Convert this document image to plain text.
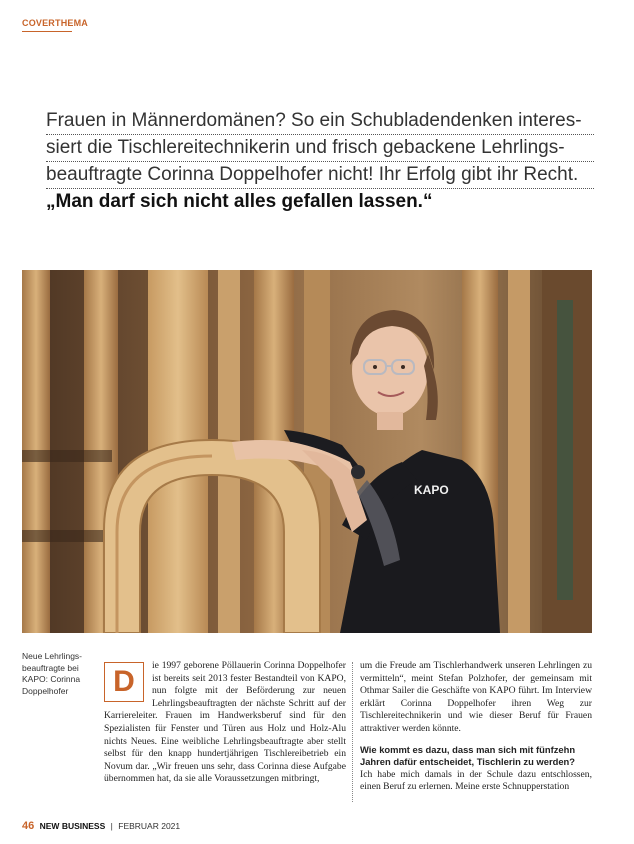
COVERTHEMA
Frauen in Männerdomänen? So ein Schubladendenken interes-
siert die Tischlereitechnikerin und frisch gebackene Lehrlings-
beauftragte Corinna Doppelhofer nicht! Ihr Erfolg gibt ihr Recht.
„Man darf sich nicht alles gefallen lassen.“
KAPO
Neue Lehrlings-beauftragte bei KAPO: Corinna Doppelhofer	D	ie 1997 geborene Pöllauerin Corinna Doppelhofer ist bereits seit 2013 fester Bestandteil von KAPO, nun folgte mit der Beförderung zur neuen Lehrlingsbeauftragten der nächste Schritt auf der Karriereleiter. Frauen im Handwerksberuf sind für den Spezialisten für Fenster und Türen aus Holz und Holz-Alu nichts Neues. Eine weibliche Lehrlingsbeauftragte aber stellt selbst für den knapp hundertjährigen Tischlereibetrieb ein Novum dar. „Wir freuen uns sehr, dass Corinna diese Aufgabe übernommen hat, da sie alle Voraussetzungen mitbringt,

um die Freude am Tischlerhandwerk unseren Lehrlingen zu vermitteln“, meint Stefan Polzhofer, der gemeinsam mit Othmar Sailer die Geschäfte von KAPO führt. Im Interview erklärt Corinna Doppelhofer ihren Weg zur Tischlereitechnikerin und wie dieser Beruf für Frauen attraktiver werden könnte.

Wie kommt es dazu, dass man sich mit fünfzehn Jahren dafür entscheidet, Tischlerin zu werden?

Ich habe mich damals in der Schule dazu entschlossen, einen Beruf zu erlernen. Meine erste Schnupperstation

46 NEW BUSINESS | FEBRUAR 2021
